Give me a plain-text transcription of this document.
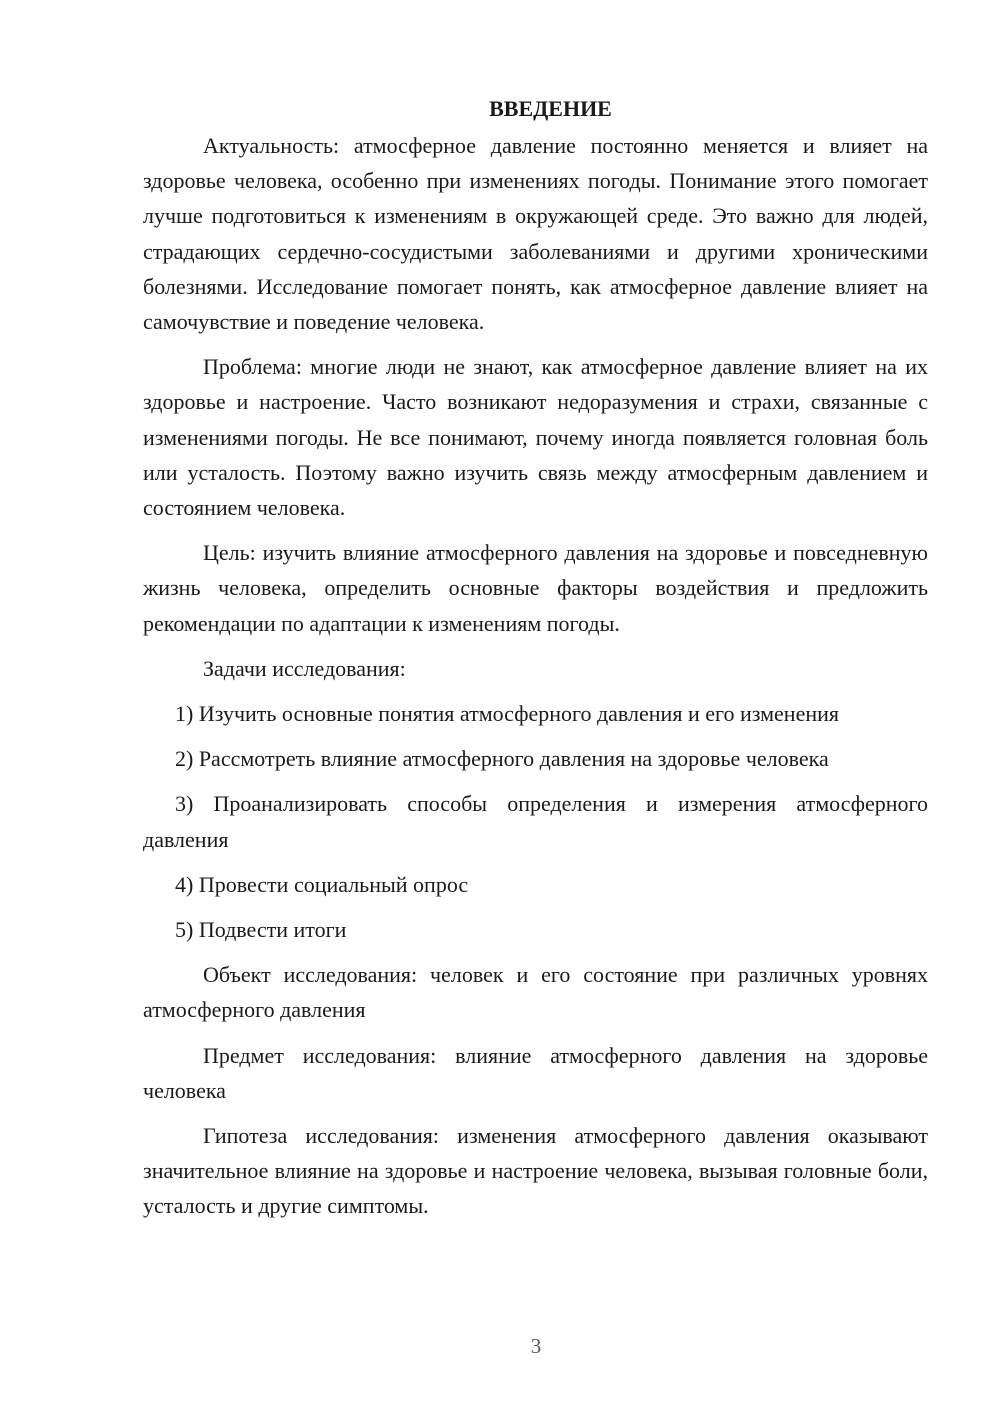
ВВЕДЕНИЕ

Актуальность: атмосферное давление постоянно меняется и влияет на здоровье человека, особенно при изменениях погоды. Понимание этого помогает лучше подготовиться к изменениям в окружающей среде. Это важно для людей, страдающих сердечно-сосудистыми заболеваниями и другими хроническими болезнями. Исследование помогает понять, как атмосферное давление влияет на самочувствие и поведение человека.

Проблема: многие люди не знают, как атмосферное давление влияет на их здоровье и настроение. Часто возникают недоразумения и страхи, связанные с изменениями погоды. Не все понимают, почему иногда появляется головная боль или усталость. Поэтому важно изучить связь между атмосферным давлением и состоянием человека.

Цель: изучить влияние атмосферного давления на здоровье и повседневную жизнь человека, определить основные факторы воздействия и предложить рекомендации по адаптации к изменениям погоды.

Задачи исследования:

1) Изучить основные понятия атмосферного давления и его изменения

2) Рассмотреть влияние атмосферного давления на здоровье человека

3) Проанализировать способы определения и измерения атмосферного давления

4) Провести социальный опрос

5) Подвести итоги

Объект исследования: человек и его состояние при различных уровнях атмосферного давления

Предмет исследования: влияние атмосферного давления на здоровье человека

Гипотеза исследования: изменения атмосферного давления оказывают значительное влияние на здоровье и настроение человека, вызывая головные боли, усталость и другие симптомы.

3
